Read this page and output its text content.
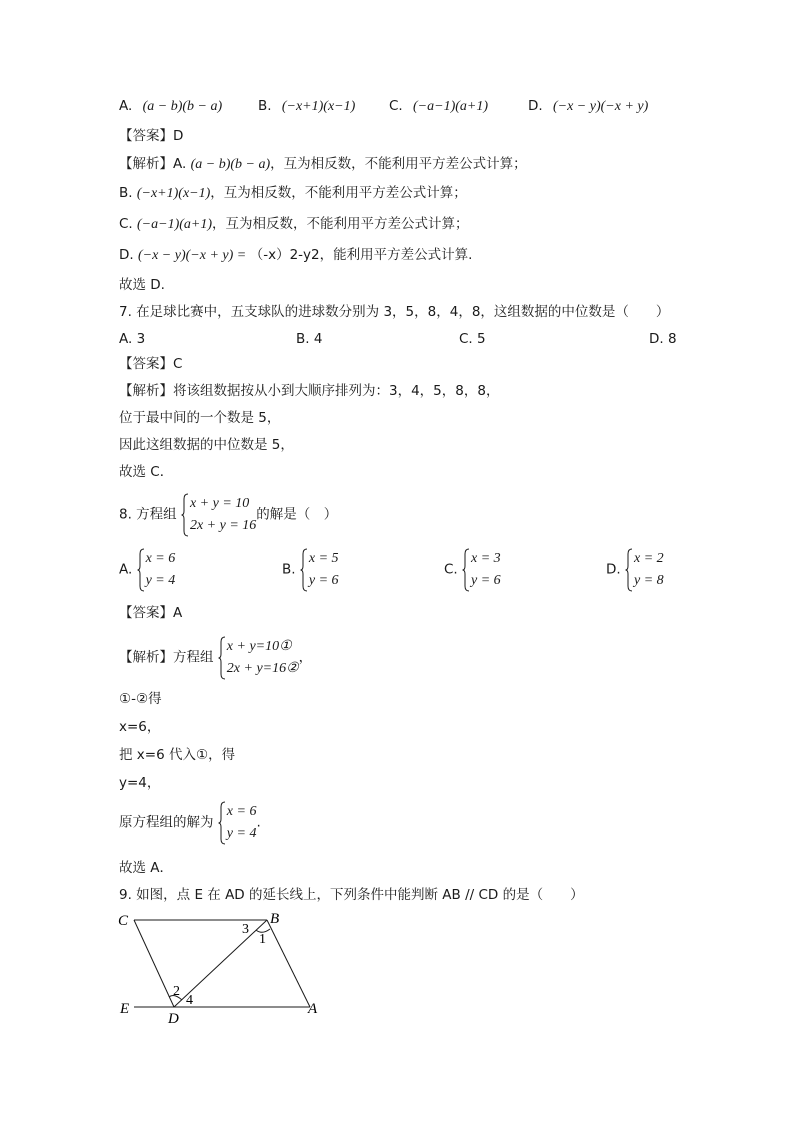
A. (a − b)(b − a)	B. (−x+1)(x−1) C. (−a−1)(a+1)	D. (−x − y)(−x + y)
【答案】D
【解析】A. (a − b)(b − a)，互为相反数，不能利用平方差公式计算；
B. (−x+1)(x−1)，互为相反数，不能利用平方差公式计算；
C. (−a−1)(a+1)，互为相反数，不能利用平方差公式计算；
D. (−x − y)(−x + y) = （-x）2-y2，能利用平方差公式计算.
故选 D.
7. 在足球比赛中，五支球队的进球数分别为 3，5，8，4，8，这组数据的中位数是（　　）
A. 3	B. 4	C. 5	D. 8
【答案】C
【解析】将该组数据按从小到大顺序排列为：3，4，5，8，8，
位于最中间的一个数是 5，
因此这组数据的中位数是 5，
故选 C．
8. 方程组
x + y = 10
2x + y = 16
的解是（　）
A.
x = 6
y = 4
B.
x = 5
y = 6
C.
x = 3
y = 6
D.
x = 2
y = 8
【答案】A
【解析】方程组
x + y=10①
2x + y=16②
，
①-②得
x=6，
把 x=6 代入①，得
y=4，
原方程组的解为
x = 6
y = 4
.
故选 A．
9. 如图，点 E 在 AD 的延长线上，下列条件中能判断 AB // CD 的是（　　）
C	B
E
D
A
1
2
3
4
